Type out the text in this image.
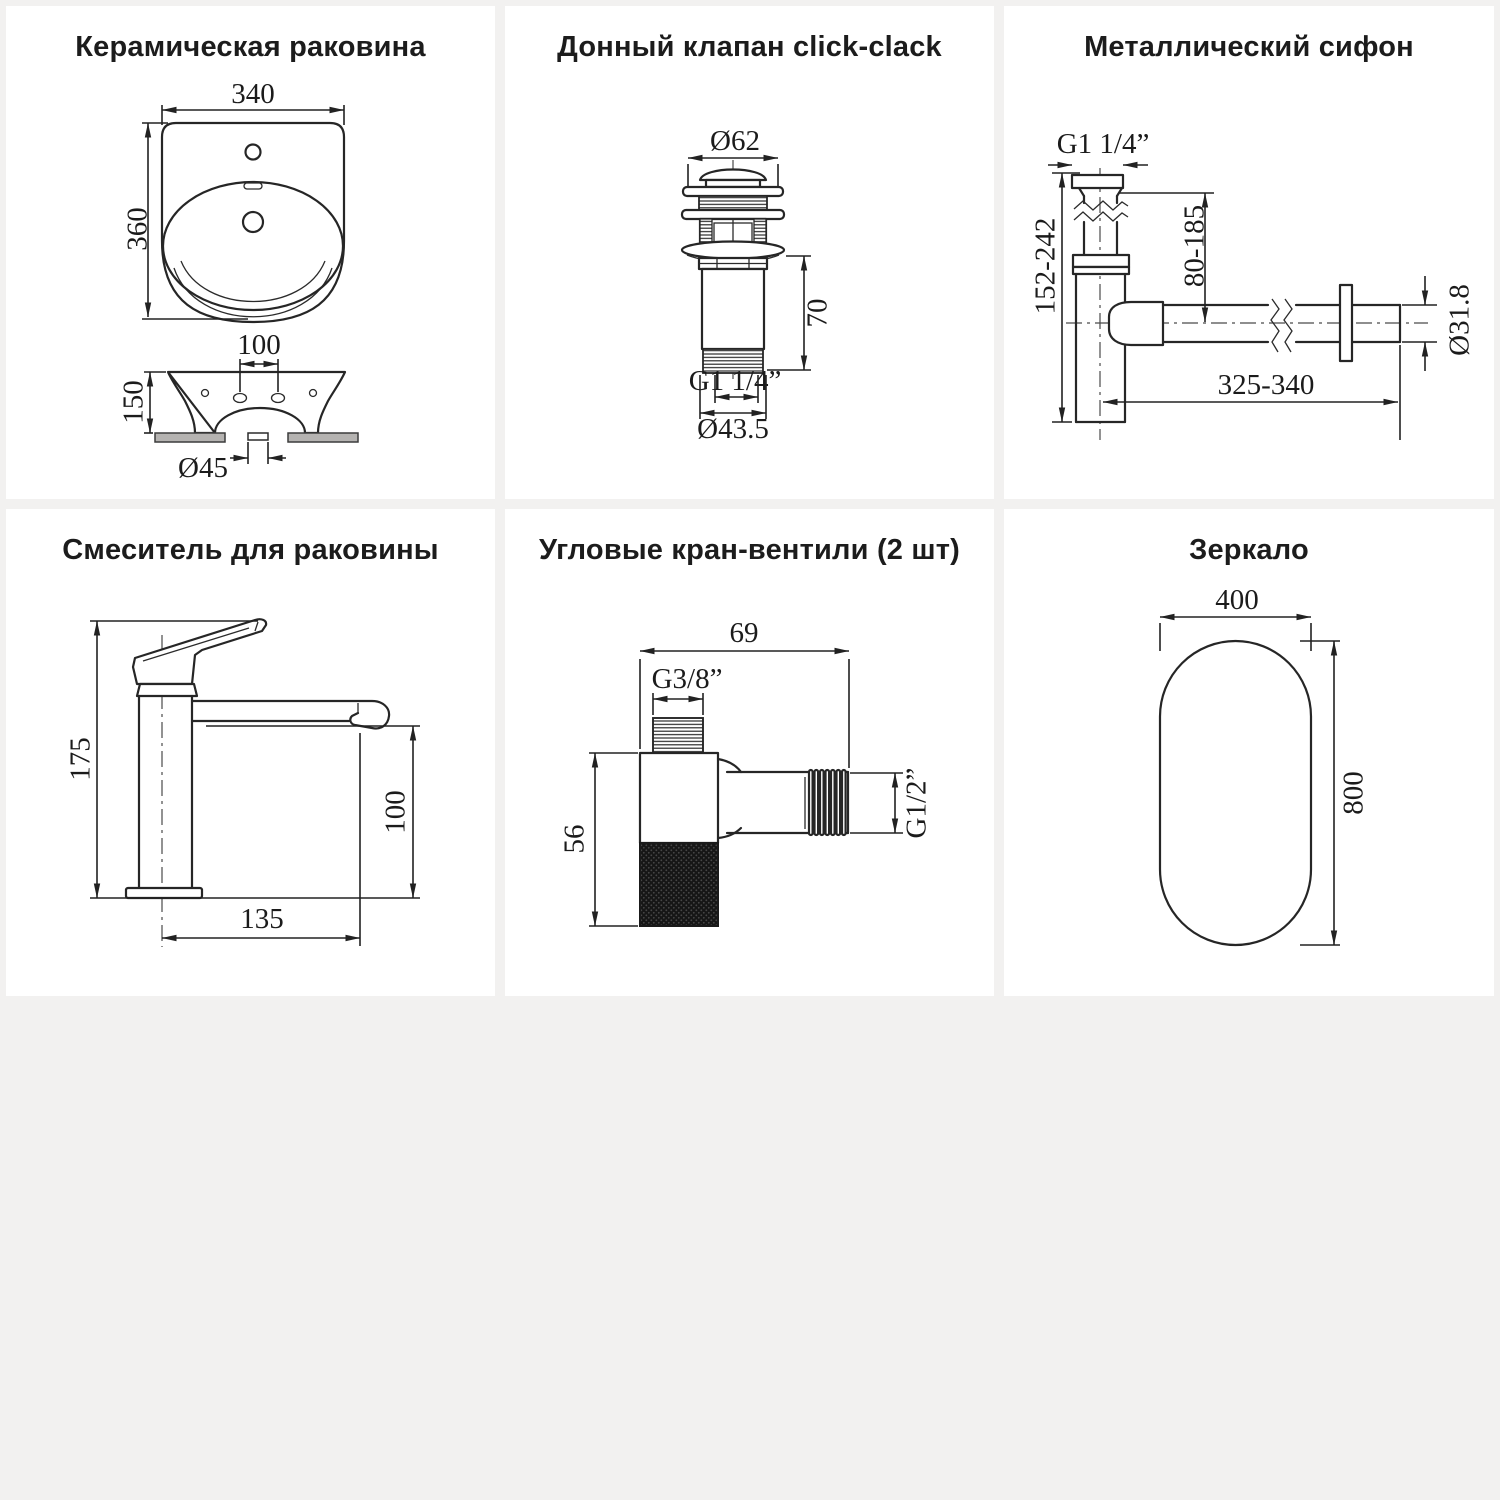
Керамическая раковина
340
360
100
150
Ø45
Донный клапан click-clack
Ø62
70
G1 1/4”
Ø43.5
Металлический сифон
G1 1/4”
80-185
152-242
Ø31.8
325-340
Смеситель для раковины
175
100
135
Угловые кран-вентили (2 шт)
69
G3/8”
56
G1/2”
Зеркало
400
800
